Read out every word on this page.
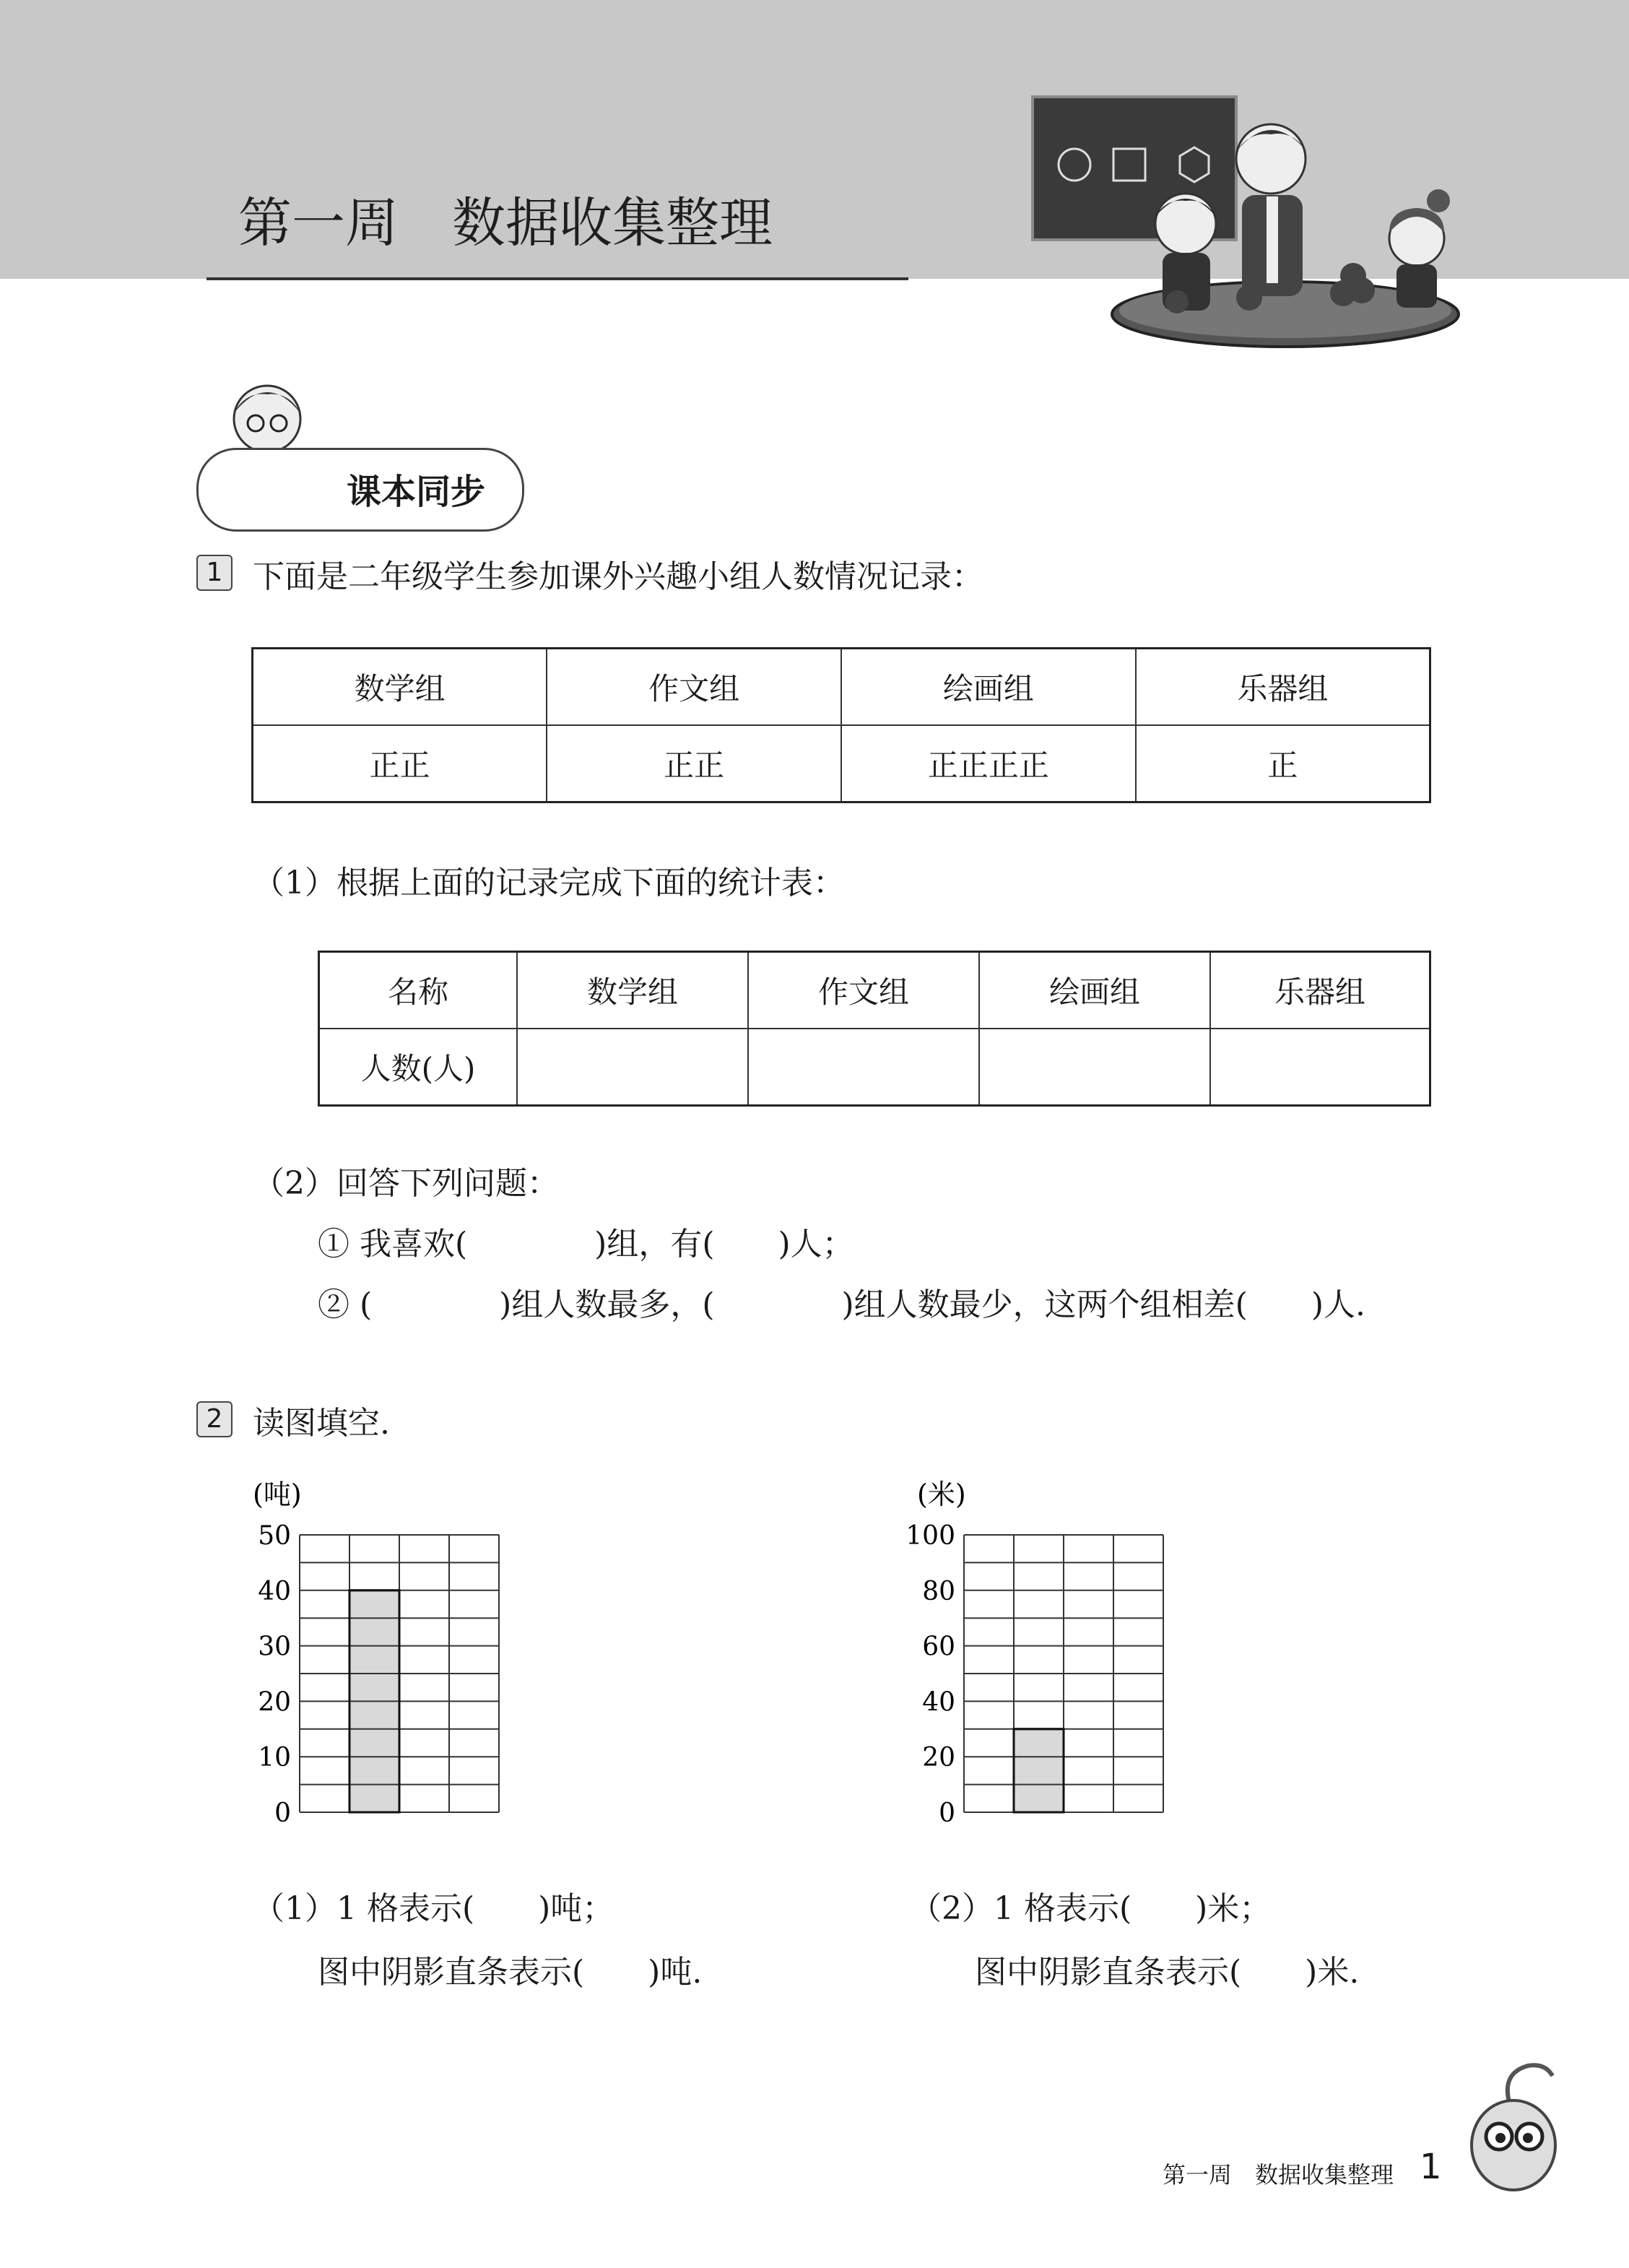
第一周　数据收集整理
课本同步
1 下面是二年级学生参加课外兴趣小组人数情况记录：
数学组	作文组	绘画组	乐器组
正正	正正	正正正正	正
（1）根据上面的记录完成下面的统计表：
名称	数学组	作文组	绘画组	乐器组
人数(人)				
（2）回答下列问题：
① 我喜欢(　　　　)组，有(　　)人；
② (　　　　)组人数最多，(　　　　)组人数最少，这两个组相差(　　)人.
2 读图填空.
(吨)
50
40
30
20
10
0
(米)
100
80
60
40
20
0
（1）1 格表示(　　)吨；
图中阴影直条表示(　　)吨.
（2）1 格表示(　　)米；
图中阴影直条表示(　　)米.
第一周　数据收集整理 1
